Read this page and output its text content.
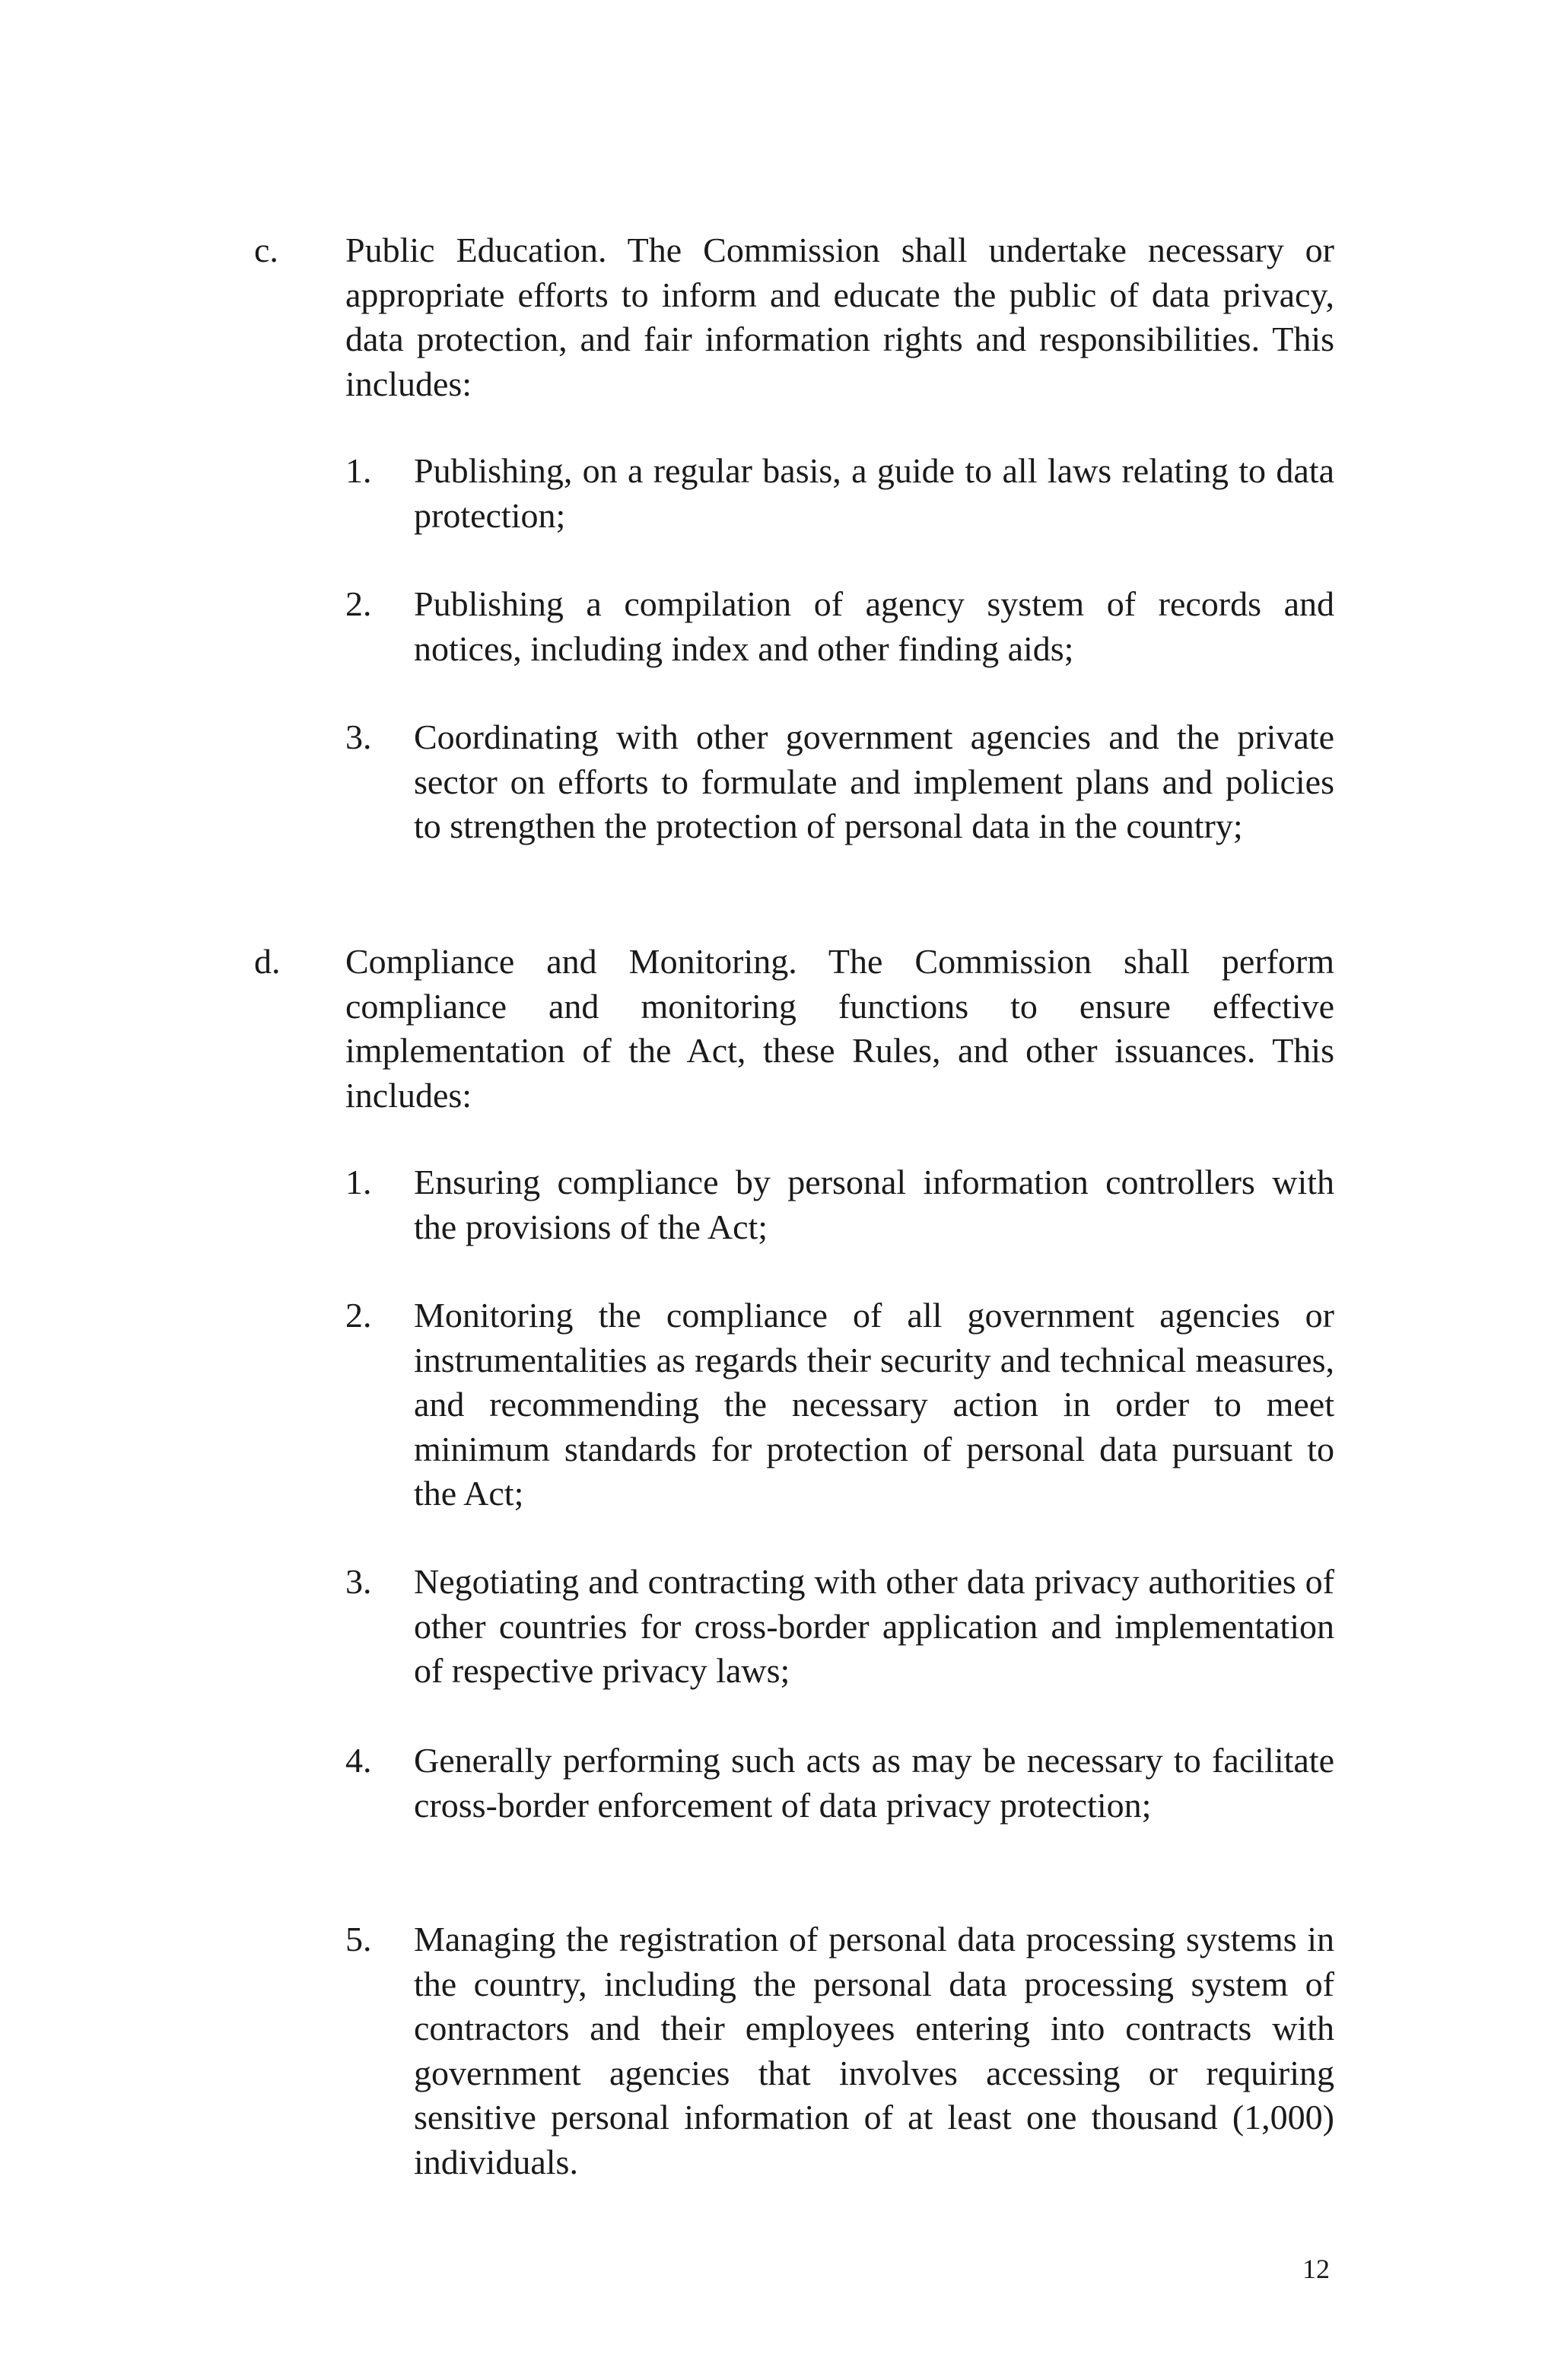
c. Public Education. The Commission shall undertake necessary or appropriate efforts to inform and educate the public of data privacy, data protection, and fair information rights and responsibilities. This includes:
1. Publishing, on a regular basis, a guide to all laws relating to data protection;
2. Publishing a compilation of agency system of records and notices, including index and other finding aids;
3. Coordinating with other government agencies and the private sector on efforts to formulate and implement plans and policies to strengthen the protection of personal data in the country;
d. Compliance and Monitoring. The Commission shall perform compliance and monitoring functions to ensure effective implementation of the Act, these Rules, and other issuances. This includes:
1. Ensuring compliance by personal information controllers with the provisions of the Act;
2. Monitoring the compliance of all government agencies or instrumentalities as regards their security and technical measures, and recommending the necessary action in order to meet minimum standards for protection of personal data pursuant to the Act;
3. Negotiating and contracting with other data privacy authorities of other countries for cross-border application and implementation of respective privacy laws;
4. Generally performing such acts as may be necessary to facilitate cross-border enforcement of data privacy protection;
5. Managing the registration of personal data processing systems in the country, including the personal data processing system of contractors and their employees entering into contracts with government agencies that involves accessing or requiring sensitive personal information of at least one thousand (1,000) individuals.
12
